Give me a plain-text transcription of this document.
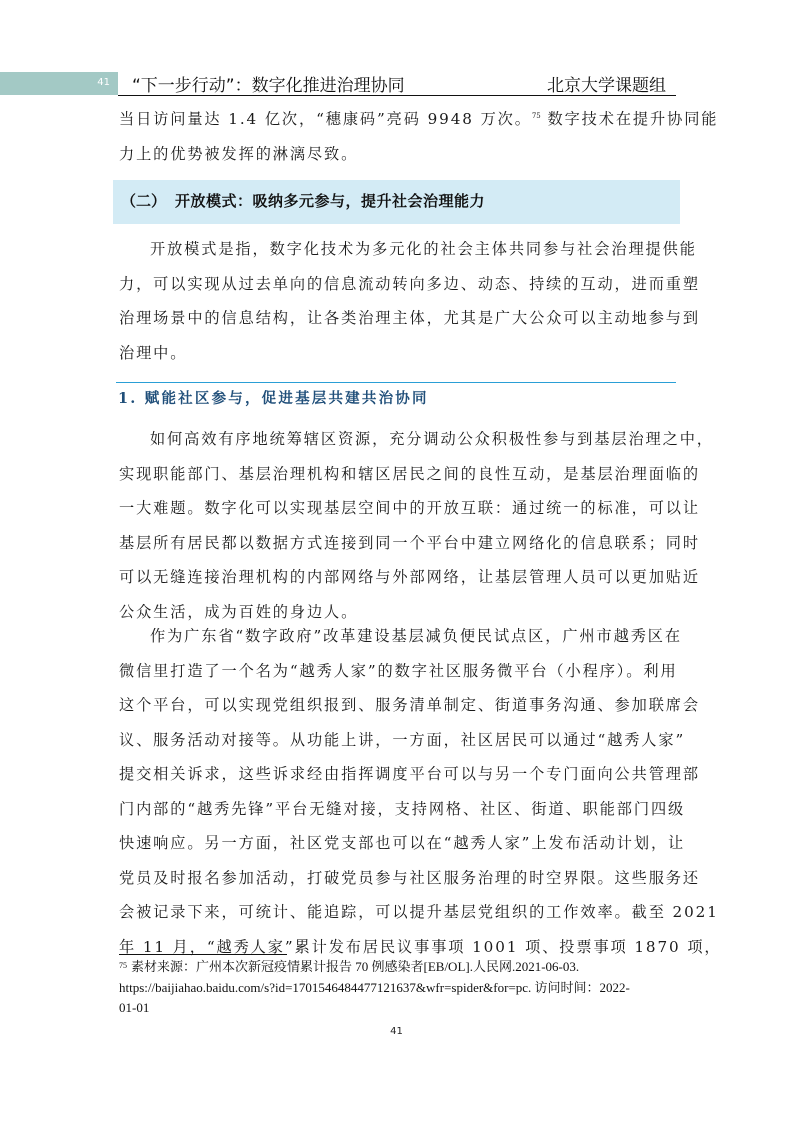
41 “下一步行动”：数字化推进治理协同	北京大学课题组

当日访问量达 1.4 亿次，“穗康码”亮码 9948 万次。$^{75}$ 数字技术在提升协同能
力上的优势被发挥的淋漓尽致。

（二） 开放模式：吸纳多元参与，提升社会治理能力

开放模式是指，数字化技术为多元化的社会主体共同参与社会治理提供能
力，可以实现从过去单向的信息流动转向多边、动态、持续的互动，进而重塑
治理场景中的信息结构，让各类治理主体，尤其是广大公众可以主动地参与到
治理中。

1. 赋能社区参与，促进基层共建共治协同

如何高效有序地统筹辖区资源，充分调动公众积极性参与到基层治理之中，
实现职能部门、基层治理机构和辖区居民之间的良性互动，是基层治理面临的
一大难题。数字化可以实现基层空间中的开放互联：通过统一的标准，可以让
基层所有居民都以数据方式连接到同一个平台中建立网络化的信息联系；同时
可以无缝连接治理机构的内部网络与外部网络，让基层管理人员可以更加贴近
公众生活，成为百姓的身边人。

作为广东省“数字政府”改革建设基层减负便民试点区，广州市越秀区在
微信里打造了一个名为“越秀人家”的数字社区服务微平台（小程序）。利用
这个平台，可以实现党组织报到、服务清单制定、街道事务沟通、参加联席会
议、服务活动对接等。从功能上讲，一方面，社区居民可以通过“越秀人家”
提交相关诉求，这些诉求经由指挥调度平台可以与另一个专门面向公共管理部
门内部的“越秀先锋”平台无缝对接，支持网格、社区、街道、职能部门四级
快速响应。另一方面，社区党支部也可以在“越秀人家”上发布活动计划，让
党员及时报名参加活动，打破党员参与社区服务治理的时空界限。这些服务还
会被记录下来，可统计、能追踪，可以提升基层党组织的工作效率。截至 2021
年 11 月，“越秀人家”累计发布居民议事事项 1001 项、投票事项 1870 项，

$^{75}$ 素材来源：广州本次新冠疫情累计报告 70 例感染者[EB/OL].人民网.2021-06-03.
https://baijiahao.baidu.com/s?id=1701546484477121637&wfr=spider&for=pc. 访问时间：2022-
01-01
41
